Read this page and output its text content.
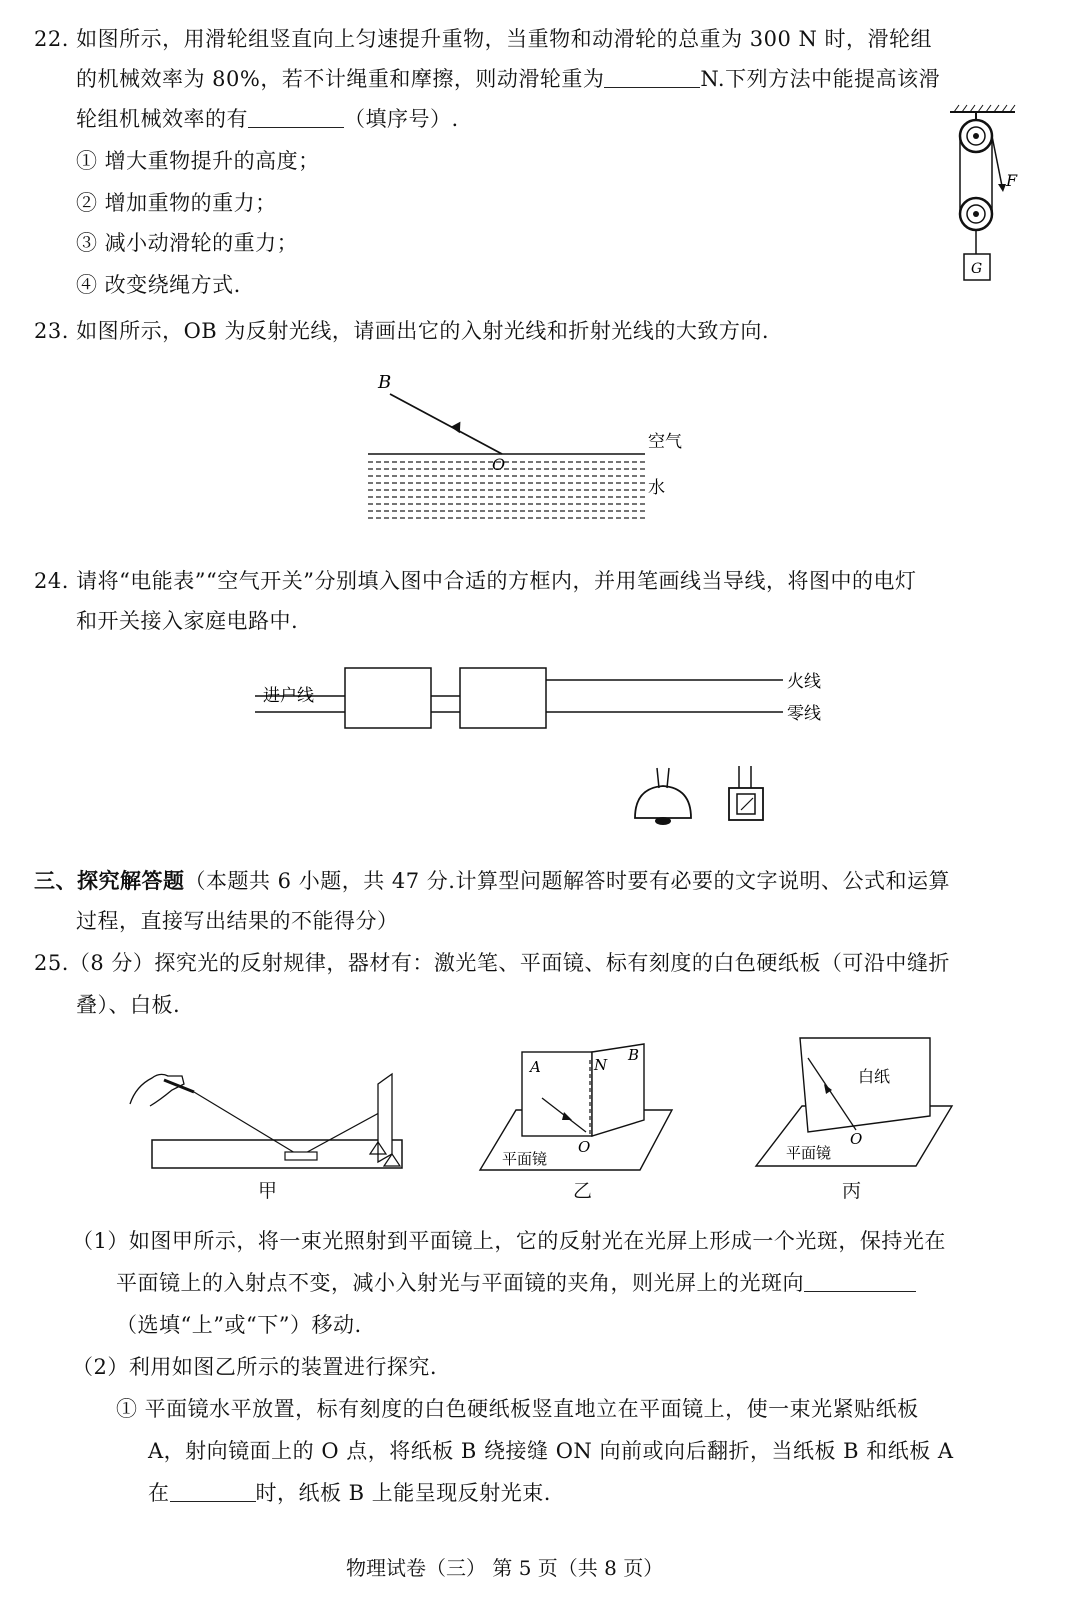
22. 如图所示，用滑轮组竖直向上匀速提升重物，当重物和动滑轮的总重为 300 N 时，滑轮组
的机械效率为 80%，若不计绳重和摩擦，则动滑轮重为	N.下列方法中能提高该滑
轮组机械效率的有	（填序号）.
① 增大重物提升的高度；
② 增加重物的重力；
③ 减小动滑轮的重力；
④ 改变绕绳方式.
F
G
23. 如图所示，OB 为反射光线，请画出它的入射光线和折射光线的大致方向.
B
O
空气
水
24. 请将“电能表”“空气开关”分别填入图中合适的方框内，并用笔画线当导线，将图中的电灯
和开关接入家庭电路中.
进户线
火线
零线
三、探究解答题（本题共 6 小题，共 47 分.计算型问题解答时要有必要的文字说明、公式和运算
过程，直接写出结果的不能得分）
25.（8 分）探究光的反射规律，器材有：激光笔、平面镜、标有刻度的白色硬纸板（可沿中缝折
叠）、白板.
甲
A	N
B
O
平面镜
乙
白纸
O
平面镜
丙
（1）如图甲所示，将一束光照射到平面镜上，它的反射光在光屏上形成一个光斑，保持光在
平面镜上的入射点不变，减小入射光与平面镜的夹角，则光屏上的光斑向
（选填“上”或“下”）移动.
（2）利用如图乙所示的装置进行探究.
① 平面镜水平放置，标有刻度的白色硬纸板竖直地立在平面镜上，使一束光紧贴纸板
A，射向镜面上的 O 点，将纸板 B 绕接缝 ON 向前或向后翻折，当纸板 B 和纸板 A
在	时，纸板 B 上能呈现反射光束.
物理试卷（三） 第 5 页（共 8 页）
